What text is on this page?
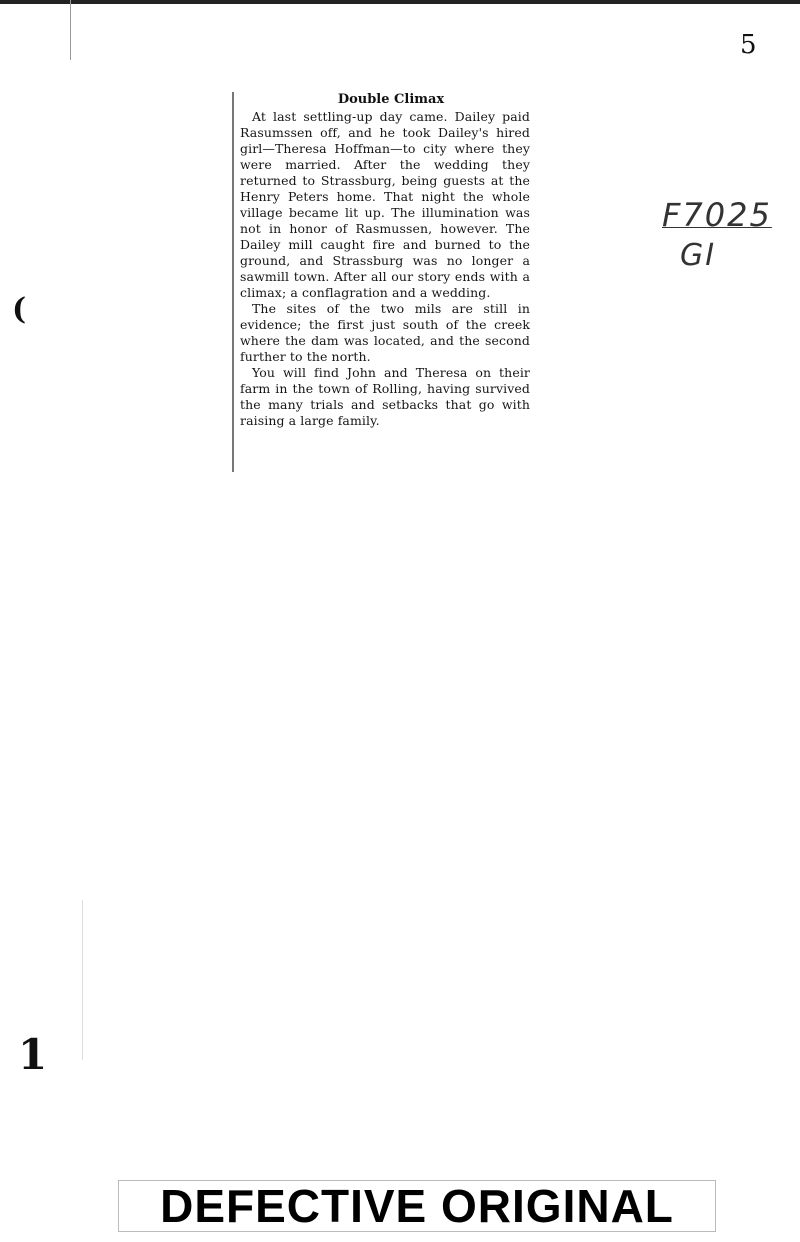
5
(
1
F7025
GI
Double Climax

At last settling-up day came. Dailey paid Rasumssen off, and he took Dailey's hired girl—Theresa Hoffman—to city where they were married. After the wedding they returned to Strassburg, being guests at the Henry Peters home. That night the whole village became lit up. The illumination was not in honor of Rasmussen, however. The Dailey mill caught fire and burned to the ground, and Strassburg was no longer a sawmill town. After all our story ends with a climax; a conflagration and a wedding.

The sites of the two mils are still in evidence; the first just south of the creek where the dam was located, and the second further to the north.

You will find John and Theresa on their farm in the town of Rolling, having survived the many trials and setbacks that go with raising a large family.

DEFECTIVE ORIGINAL
